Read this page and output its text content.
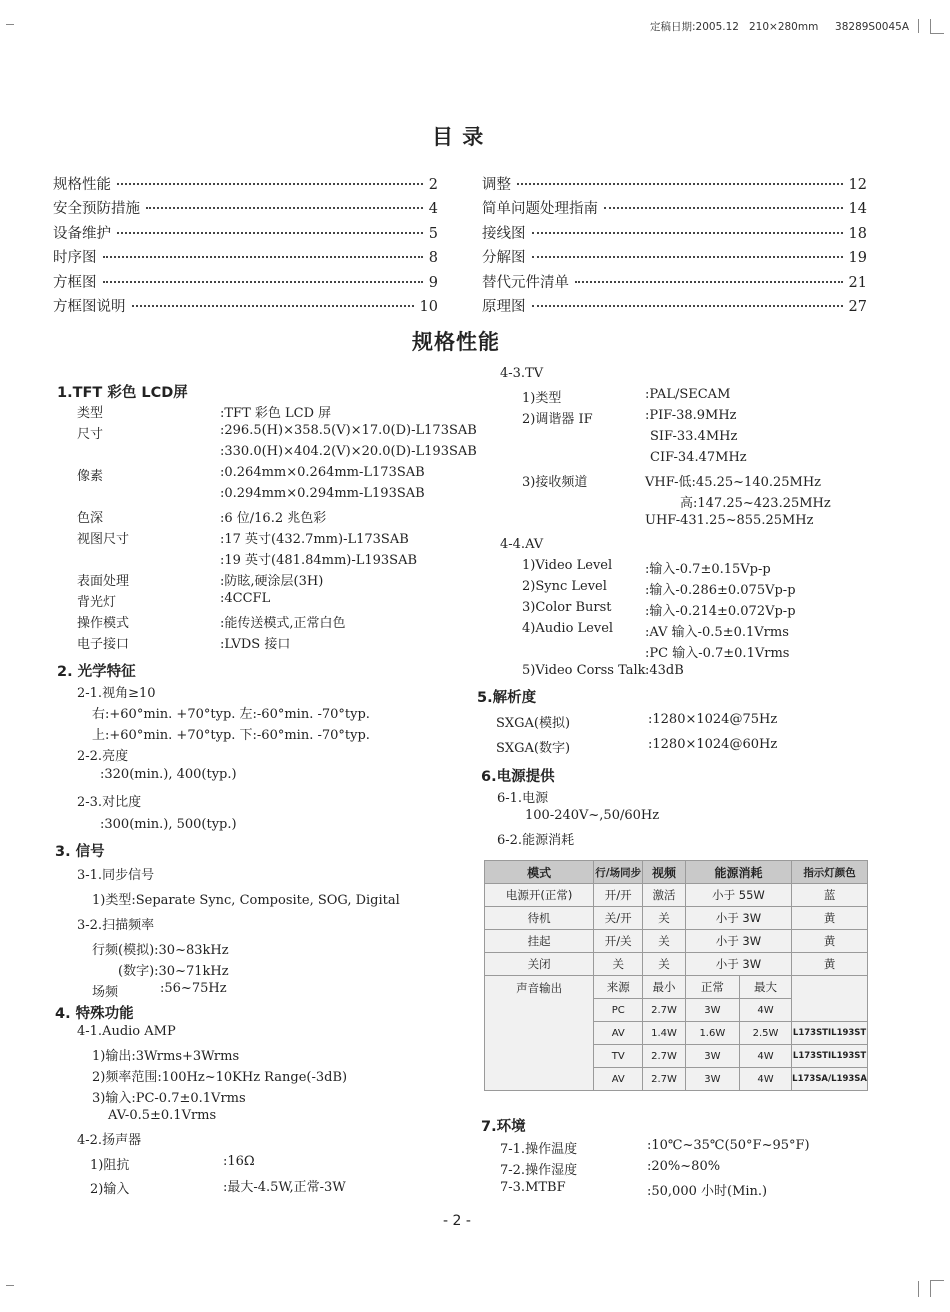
定稿日期:2005.12 210×280mm 38289S0045A
目 录
规格性能	2
安全预防措施	4
设备维护	5
时序图	8
方框图	9
方框图说明	10
调整	12
简单问题处理指南	14
接线图	18
分解图	19
替代元件清单	21
原理图	27
规格性能
1.TFT 彩色 LCD屏
类型	:TFT 彩色 LCD 屏
尺寸	:296.5(H)×358.5(V)×17.0(D)-L173SAB
:330.0(H)×404.2(V)×20.0(D)-L193SAB
像素	:0.264mm×0.264mm-L173SAB
:0.294mm×0.294mm-L193SAB
色深	:6 位/16.2 兆色彩
视图尺寸	:17 英寸(432.7mm)-L173SAB
:19 英寸(481.84mm)-L193SAB
表面处理	:防眩,硬涂层(3H)
背光灯	:4CCFL
操作模式	:能传送模式,正常白色
电子接口	:LVDS 接口
2. 光学特征
2-1.视角≥10
右:+60°min. +70°typ. 左:-60°min. -70°typ.
上:+60°min. +70°typ. 下:-60°min. -70°typ.
2-2.亮度
:320(min.), 400(typ.)
2-3.对比度
:300(min.), 500(typ.)
3. 信号
3-1.同步信号
1)类型:Separate Sync, Composite, SOG, Digital
3-2.扫描频率
行频(模拟):30~83kHz
(数字):30~71kHz
场频	:56~75Hz
4. 特殊功能
4-1.Audio AMP
1)输出:3Wrms+3Wrms
2)频率范围:100Hz~10KHz Range(-3dB)
3)输入:PC-0.7±0.1Vrms
AV-0.5±0.1Vrms
4-2.扬声器
1)阻抗	:16Ω
2)输入	:最大-4.5W,正常-3W
4-3.TV
1)类型	:PAL/SECAM
2)调谐器 IF	:PIF-38.9MHz
SIF-33.4MHz
CIF-34.47MHz
3)接收频道	VHF-低:45.25~140.25MHz
高:147.25~423.25MHz
UHF-431.25~855.25MHz
4-4.AV
1)Video Level	:输入-0.7±0.15Vp-p
2)Sync Level	:输入-0.286±0.075Vp-p
3)Color Burst	:输入-0.214±0.072Vp-p
4)Audio Level :AV 输入-0.5±0.1Vrms
:PC 输入-0.7±0.1Vrms
5)Video Corss Talk :43dB
5.解析度
SXGA(模拟)	:1280×1024@75Hz
SXGA(数字)	:1280×1024@60Hz
6.电源提供
6-1.电源
100-240V~,50/60Hz
6-2.能源消耗
模式	行/场同步	视频	能源消耗		指示灯颜色
电源开(正常)	开/开	激活	小于 55W		蓝
待机	关/开	关	小于 3W		黄
挂起	开/关	关	小于 3W		黄
关闭	关	关	小于 3W		黄
声音输出	来源	最小	正常	最大	
	PC	2.7W	3W	4W	
	AV	1.4W	1.6W	2.5W	L173STIL193ST
	TV	2.7W	3W	4W	L173STIL193ST
	AV	2.7W	3W	4W	L173SA/L193SA
7.环境
7-1.操作温度	:10℃~35℃(50°F~95°F)
7-2.操作湿度	:20%~80%
7-3.MTBF	:50,000 小时(Min.)
- 2 -
